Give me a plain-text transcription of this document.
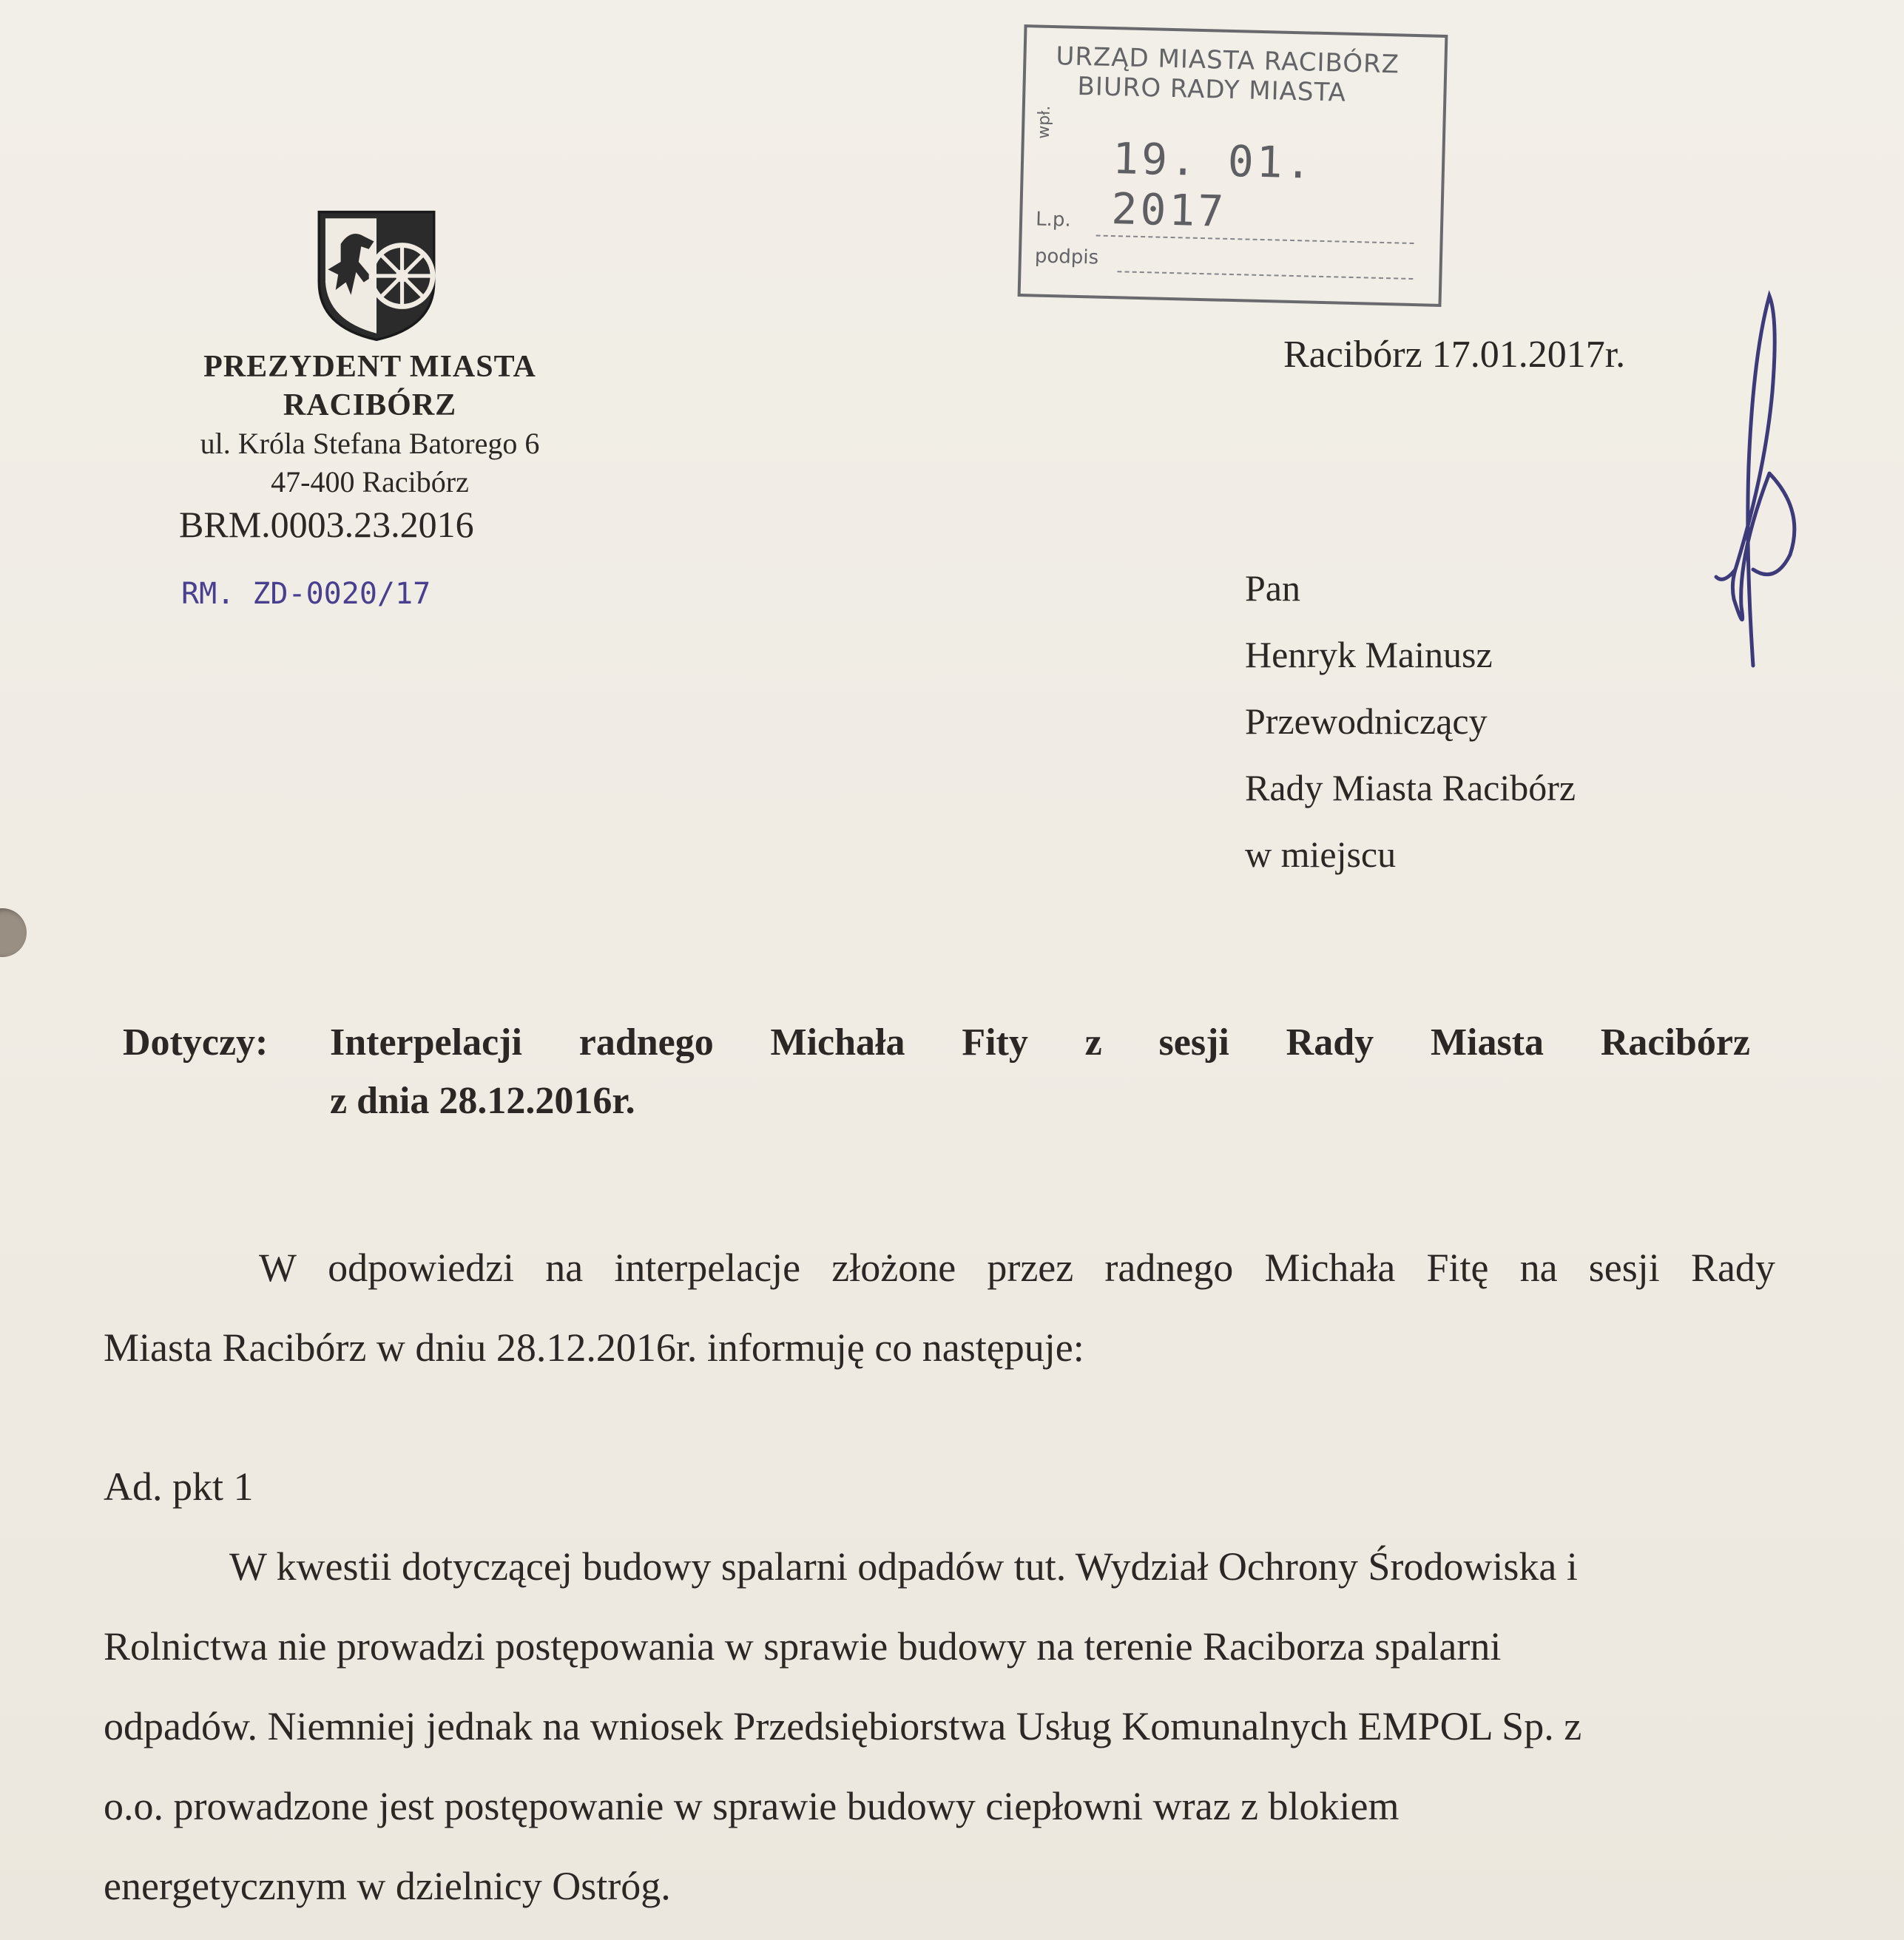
PREZYDENT MIASTA
RACIBÓRZ
ul. Króla Stefana Batorego 6
47-400 Racibórz
BRM.0003.23.2016
RM. ZD-0020/17
URZĄD MIASTA RACIBÓRZ
BIURO RADY MIASTA
wpł.
19. 01. 2017
L.p.
podpis
Racibórz 17.01.2017r.
Pan
Henryk Mainusz
Przewodniczący
Rady Miasta Racibórz
w miejscu
Dotyczy:	Interpelacji radnego Michała Fity z sesji Rady Miasta Racibórz
z dnia 28.12.2016r.
W odpowiedzi na interpelacje złożone przez radnego Michała Fitę na sesji Rady
Miasta Racibórz w dniu 28.12.2016r. informuję co następuje:
Ad. pkt 1
W kwestii dotyczącej budowy spalarni odpadów tut. Wydział Ochrony Środowiska i
Rolnictwa nie prowadzi postępowania w sprawie budowy na terenie Raciborza spalarni
odpadów. Niemniej jednak na wniosek Przedsiębiorstwa Usług Komunalnych EMPOL Sp. z
o.o. prowadzone jest postępowanie w sprawie budowy ciepłowni wraz z blokiem
energetycznym w dzielnicy Ostróg.
